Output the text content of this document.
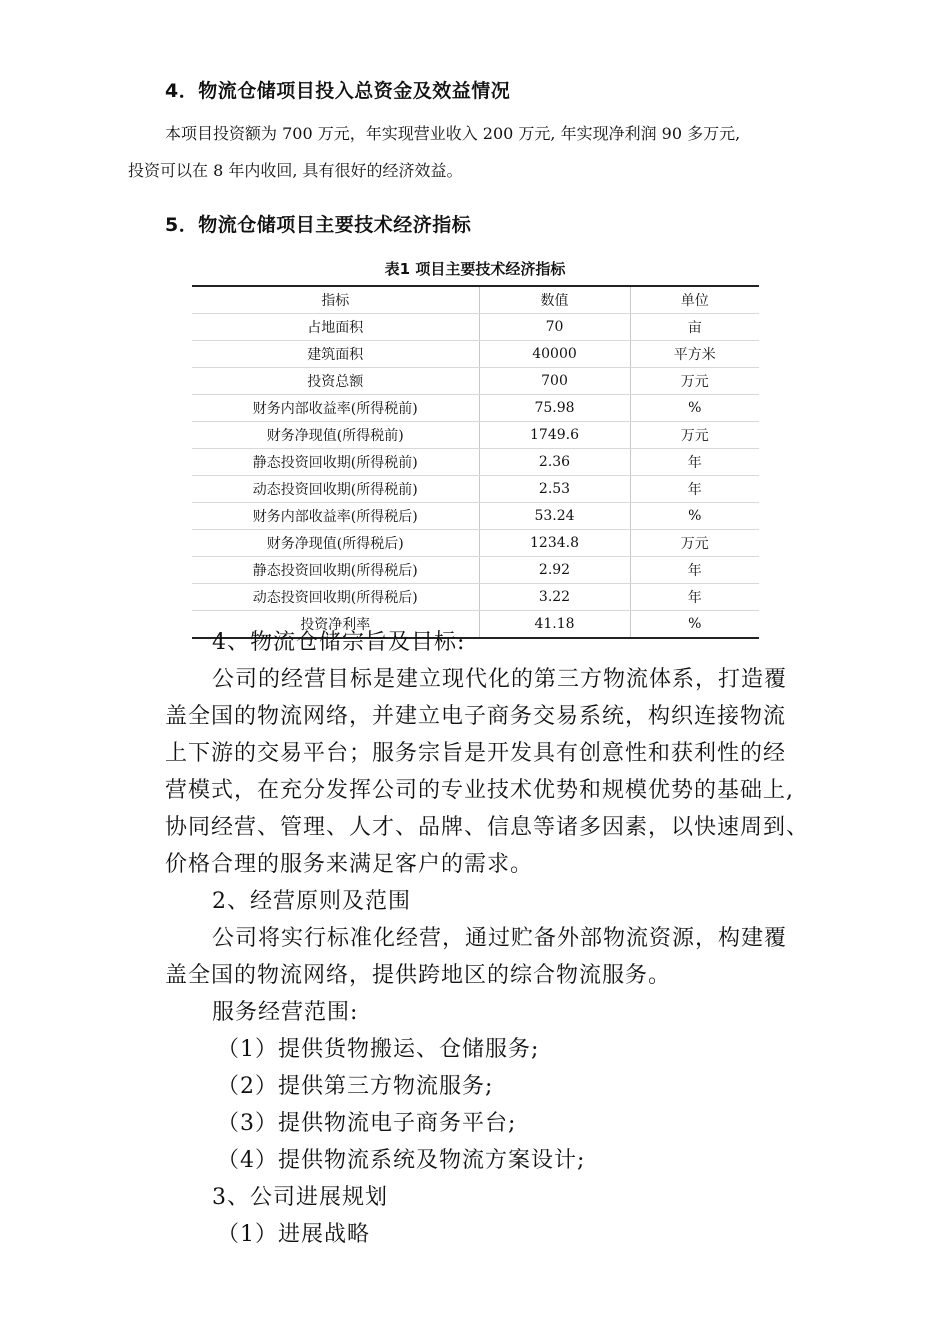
4．物流仓储项目投入总资金及效益情况
本项目投资额为 700 万元，年实现营业收入 200 万元, 年实现净利润 90 多万元,
投资可以在 8 年内收回, 具有很好的经济效益。
5．物流仓储项目主要技术经济指标
表1 项目主要技术经济指标
指标	数值	单位
占地面积	70	亩
建筑面积	40000	平方米
投资总额	700	万元
财务内部收益率(所得税前)	75.98	%
财务净现值(所得税前)	1749.6	万元
静态投资回收期(所得税前)	2.36	年
动态投资回收期(所得税前)	2.53	年
财务内部收益率(所得税后)	53.24	%
财务净现值(所得税后)	1234.8	万元
静态投资回收期(所得税后)	2.92	年
动态投资回收期(所得税后)	3.22	年
投资净利率	41.18	%
4、物流仓储宗旨及目标:
公司的经营目标是建立现代化的第三方物流体系，打造覆
盖全国的物流网络，并建立电子商务交易系统，构织连接物流
上下游的交易平台；服务宗旨是开发具有创意性和获利性的经
营模式，在充分发挥公司的专业技术优势和规模优势的基础上,
协同经营、管理、人才、品牌、信息等诸多因素，以快速周到、
价格合理的服务来满足客户的需求。
2、经营原则及范围
公司将实行标准化经营，通过贮备外部物流资源，构建覆
盖全国的物流网络，提供跨地区的综合物流服务。
服务经营范围:
（1）提供货物搬运、仓储服务;
（2）提供第三方物流服务;
（3）提供物流电子商务平台;
（4）提供物流系统及物流方案设计;
3、公司进展规划
（1）进展战略
